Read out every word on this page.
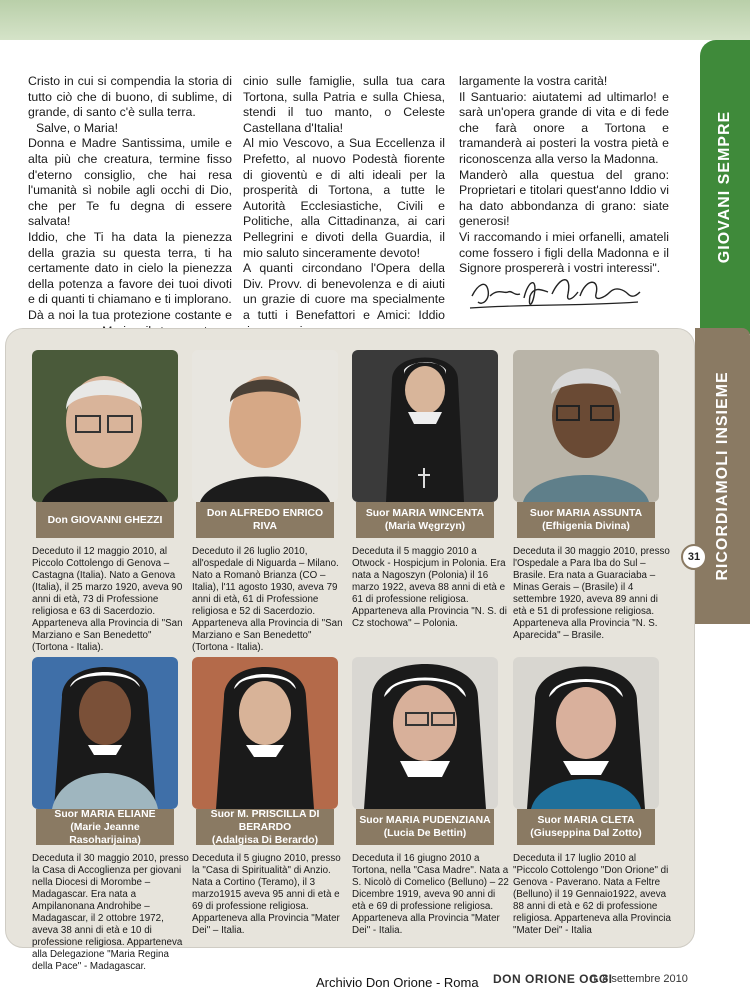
Cristo in cui si compendia la storia di tutto ciò che di buono, di sublime, di grande, di santo c'è sulla terra.

Salve, o Maria!

Donna e Madre Santissima, umile e alta più che creatura, termine fisso d'eterno consiglio, che hai resa l'umanità sì nobile agli occhi di Dio, che per Te fu degna di essere salvata!

Iddio, che Ti ha data la pienezza della grazia su questa terra, ti ha certamente dato in cielo la pienezza della potenza a favore dei tuoi divoti e di quanti ti chiamano e ti implorano.

Dà a noi la tua protezione costante e

cinio sulle famiglie, sulla tua cara Tortona, sulla Patria e sulla Chiesa, stendi il tuo manto, o Celeste Castellana d'Italia!

Al mio Vescovo, a Sua Eccellenza il Prefetto, al nuovo Podestà fiorente di gioventù e di alti ideali per la prosperità di Tortona, a tutte le Autorità Ecclesiastiche, Civili e Politiche, alla Cittadinanza, ai cari Pellegrini e divoti della Guardia, il mio saluto sinceramente devoto!

A quanti circondano l'Opera della Div. Provv. di benevolenza e di aiuti un grazie di cuore ma specialmente a tutti i Benefattori e Amici: Iddio

largamente la vostra carità!

Il Santuario: aiutatemi ad ultimarlo! e sarà un'opera grande di vita e di fede che farà onore a Tortona e tramanderà ai posteri la vostra pietà e riconoscenza alla verso la Madonna.

Manderò alla questua del grano: Proprietari e titolari quest'anno Iddio vi ha dato abbondanza di grano: siate generosi!

Vi raccomando i miei orfanelli, amateli come fossero i figli della Madonna e il Signore prospererà i vostri interessi".

GIOVANI SEMPRE
RICORDIAMOLI INSIEME
31
Don GIOVANNI GHEZZI

Deceduto il 12 maggio 2010, al Piccolo Cottolengo di Genova – Castagna (Italia). Nato a Genova (Italia), il 25 marzo 1920, aveva 90 anni di età, 73 di Professione religiosa e 63 di Sacerdozio. Apparteneva alla Provincia di "San Marziano e San Benedetto" (Tortona - Italia).

Don ALFREDO ENRICO RIVA

Deceduto il 26 luglio 2010, all'ospedale di Niguarda – Milano. Nato a Romanò Brianza (CO – Italia), l'11 agosto 1930, aveva 79 anni di età, 61 di Professione religiosa e 52 di Sacerdozio. Apparteneva alla Provincia di "San Marziano e San Benedetto" (Tortona - Italia).

Suor MARIA WINCENTA
(Maria Węgrzyn)

Deceduta il 5 maggio 2010 a Otwock - Hospicjum in Polonia. Era nata a Nagoszyn (Polonia) il 16 marzo 1922, aveva 88 anni di età e 61 di professione religiosa. Apparteneva alla Provincia "N. S. di Cz stochowa" – Polonia.

Suor MARIA ASSUNTA
(Efhigenia Divina)

Deceduta il 30 maggio 2010, presso l'Ospedale a Para Iba do Sul – Brasile. Era nata a Guaraciaba – Minas Gerais – (Brasile) il 4 settembre 1920, aveva 89 anni di età e 51 di professione religiosa. Apparteneva alla Provincia "N. S. Aparecida" – Brasile.

Suor MARIA ELIANE
(Marie Jeanne Rasoharijaina)

Deceduta il 30 maggio 2010, presso la Casa di Accoglienza per giovani nella Diocesi di Morombe – Madagascar. Era nata a Ampilanonana Androhibe – Madagascar, il 2 ottobre 1972, aveva 38 anni di età e 10 di professione religiosa. Apparteneva alla Delegazione "Maria Regina della Pace" - Madagascar.

Suor M. PRISCILLA DI BERARDO
(Adalgisa Di Berardo)

Deceduta il 5 giugno 2010, presso la "Casa di Spiritualità" di Anzio. Nata a Cortino (Teramo), il 3 marzo1915 aveva 95 anni di età e 69 di professione religiosa. Apparteneva alla Provincia "Mater Dei" – Italia.

Suor MARIA PUDENZIANA
(Lucia De Bettin)

Deceduta il 16 giugno 2010 a Tortona, nella "Casa Madre". Nata a S. Nicolò di Comelico (Belluno) – 22 Dicembre 1919, aveva 90 anni di età e 69 di professione religiosa. Apparteneva alla Provincia "Mater Dei" - Italia.

Suor MARIA CLETA
(Giuseppina Dal Zotto)

Deceduta il 17 luglio 2010 al "Piccolo Cottolengo "Don Orione" di Genova - Paverano. Nata a Feltre (Belluno) il 19 Gennaio1922, aveva 88 anni di età e 62 di professione religiosa. Apparteneva alla Provincia "Mater Dei" - Italia

Archivio Don Orione - Roma DON ORIONE OGGI
n. 8 settembre 2010
